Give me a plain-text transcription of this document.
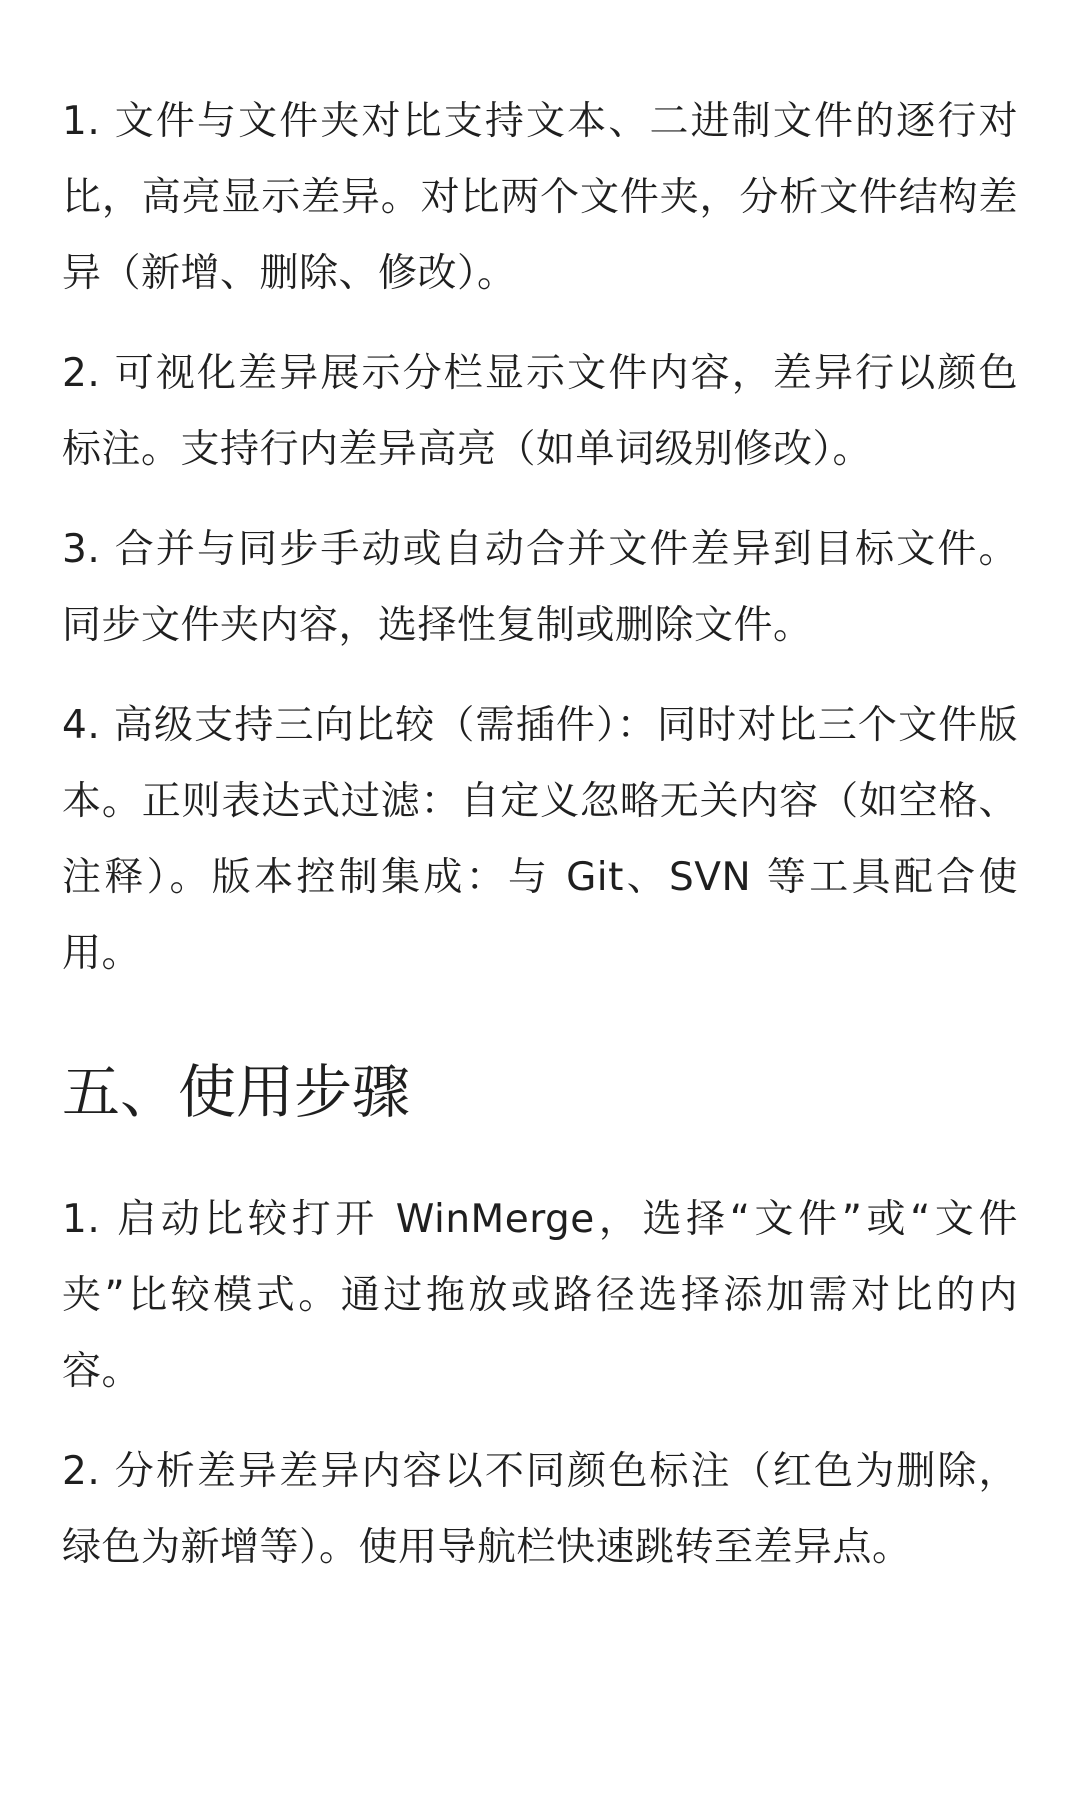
1. 文件与文件夹对比支持文本、二进制文件的逐行对比，高亮显示差异。对比两个文件夹，分析文件结构差异（新增、删除、修改）。

2. 可视化差异展示分栏显示文件内容，差异行以颜色标注。支持行内差异高亮（如单词级别修改）。

3. 合并与同步手动或自动合并文件差异到目标文件。同步文件夹内容，选择性复制或删除文件。

4. 高级支持三向比较（需插件）：同时对比三个文件版本。正则表达式过滤：自定义忽略无关内容（如空格、注释）。版本控制集成：与 Git、SVN 等工具配合使用。

五、使用步骤

1. 启动比较打开 WinMerge，选择“文件”或“文件夹”比较模式。通过拖放或路径选择添加需对比的内容。

2. 分析差异差异内容以不同颜色标注（红色为删除，绿色为新增等）。使用导航栏快速跳转至差异点。
